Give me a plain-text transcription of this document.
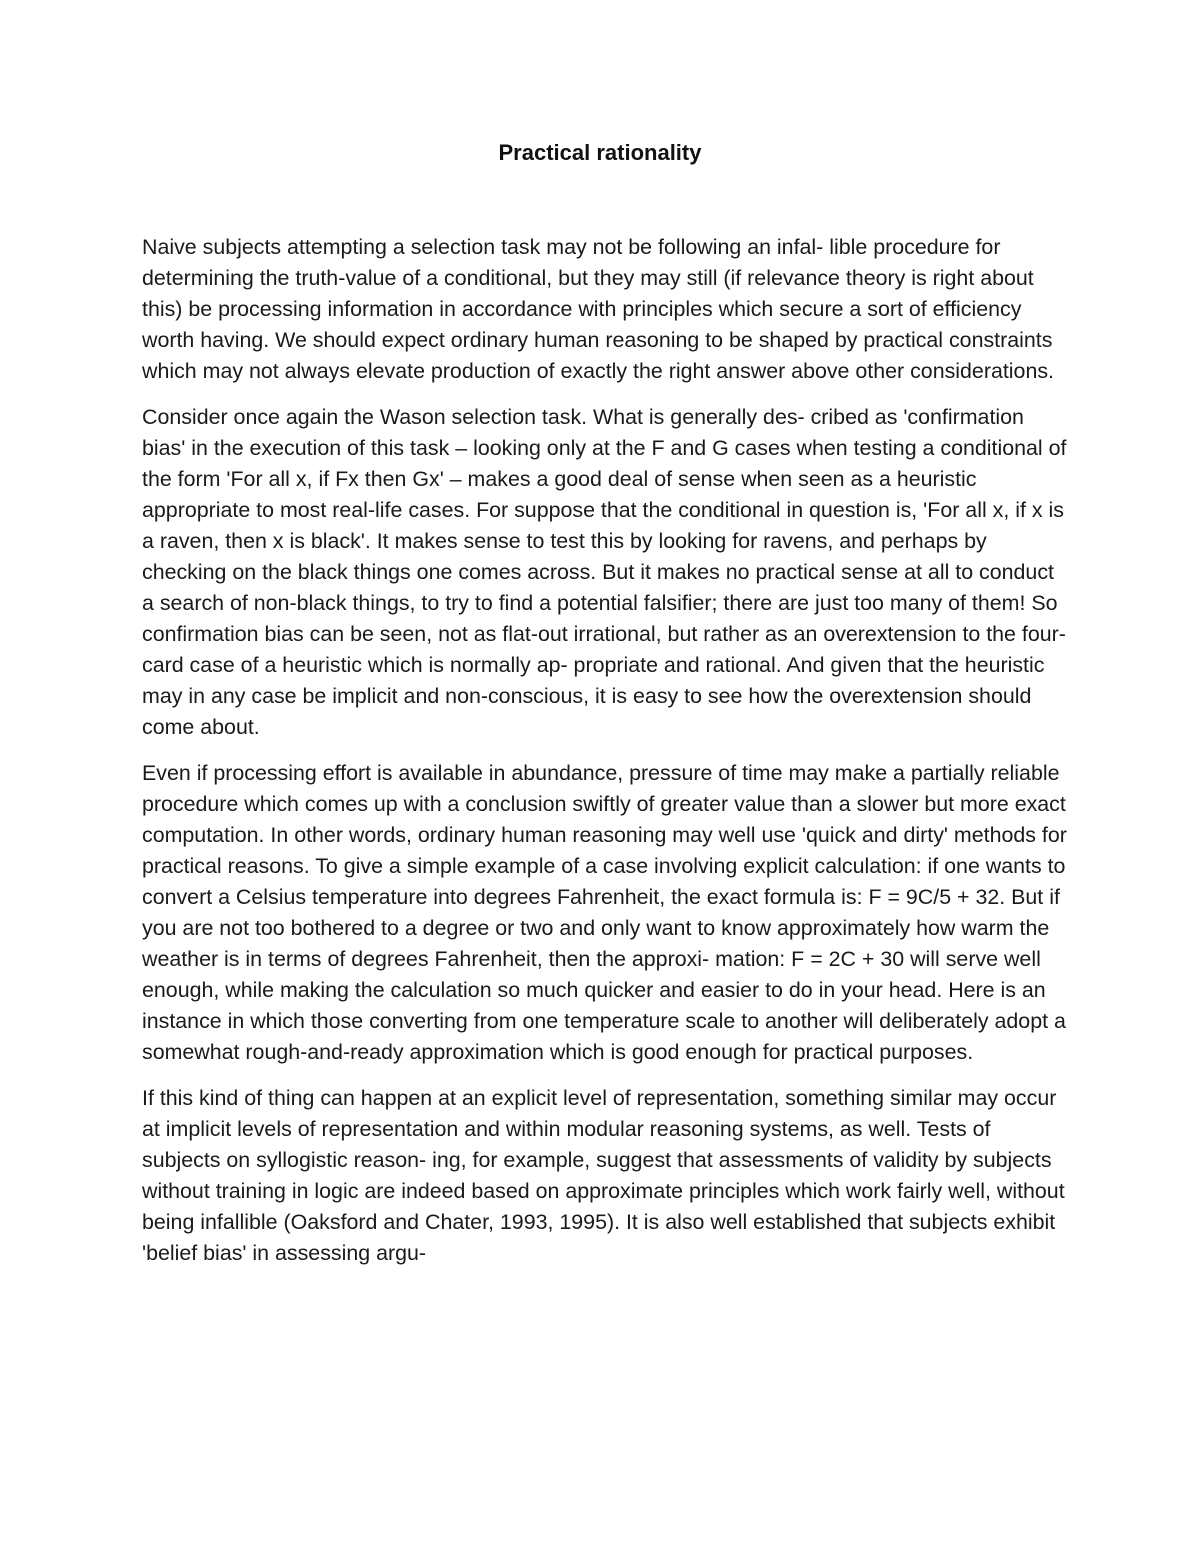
Practical rationality

Naive subjects attempting a selection task may not be following an infal- lible procedure for determining the truth-value of a conditional, but they may still (if relevance theory is right about this) be processing information in accordance with principles which secure a sort of efficiency worth having. We should expect ordinary human reasoning to be shaped by practical constraints which may not always elevate production of exactly the right answer above other considerations.

Consider once again the Wason selection task. What is generally des- cribed as 'confirmation bias' in the execution of this task – looking only at the F and G cases when testing a conditional of the form 'For all x, if Fx then Gx' – makes a good deal of sense when seen as a heuristic appropriate to most real-life cases. For suppose that the conditional in question is, 'For all x, if x is a raven, then x is black'. It makes sense to test this by looking for ravens, and perhaps by checking on the black things one comes across. But it makes no practical sense at all to conduct a search of non-black things, to try to find a potential falsifier; there are just too many of them! So confirmation bias can be seen, not as flat-out irrational, but rather as an overextension to the four-card case of a heuristic which is normally ap- propriate and rational. And given that the heuristic may in any case be implicit and non-conscious, it is easy to see how the overextension should come about.

Even if processing effort is available in abundance, pressure of time may make a partially reliable procedure which comes up with a conclusion swiftly of greater value than a slower but more exact computation. In other words, ordinary human reasoning may well use 'quick and dirty' methods for practical reasons. To give a simple example of a case involving explicit calculation: if one wants to convert a Celsius temperature into degrees Fahrenheit, the exact formula is: F = 9C/5 + 32. But if you are not too bothered to a degree or two and only want to know approximately how warm the weather is in terms of degrees Fahrenheit, then the approxi- mation: F = 2C + 30 will serve well enough, while making the calculation so much quicker and easier to do in your head. Here is an instance in which those converting from one temperature scale to another will deliberately adopt a somewhat rough-and-ready approximation which is good enough for practical purposes.

If this kind of thing can happen at an explicit level of representation, something similar may occur at implicit levels of representation and within modular reasoning systems, as well. Tests of subjects on syllogistic reason- ing, for example, suggest that assessments of validity by subjects without training in logic are indeed based on approximate principles which work fairly well, without being infallible (Oaksford and Chater, 1993, 1995). It is also well established that subjects exhibit 'belief bias' in assessing argu-
